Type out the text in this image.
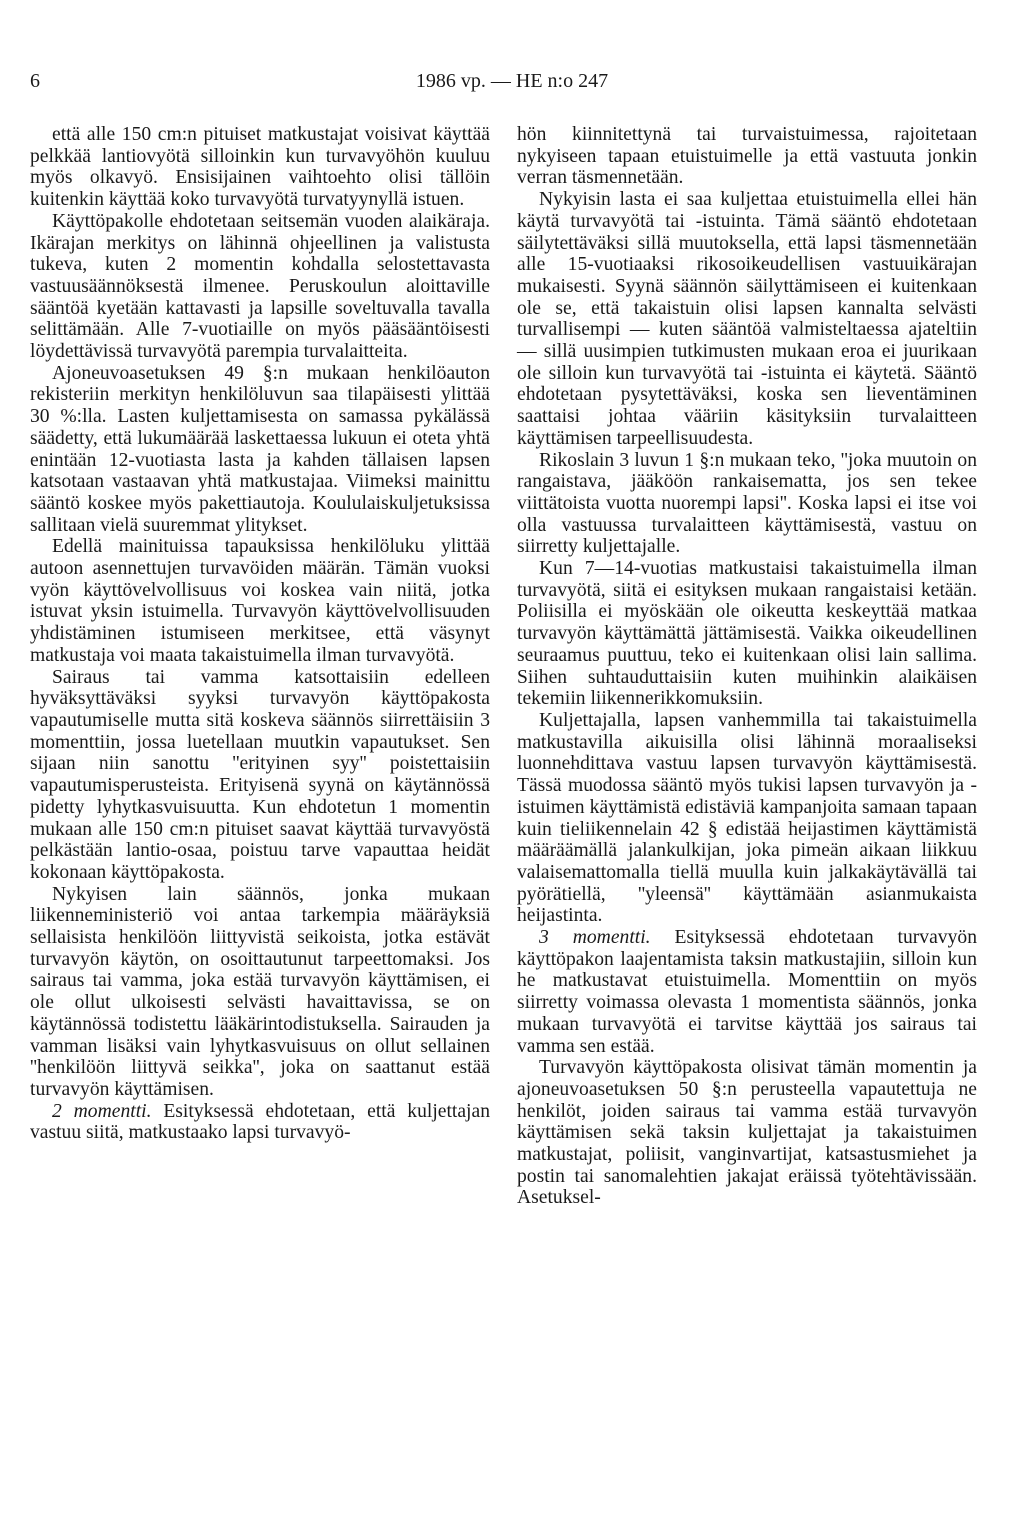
6	1986 vp. — HE n:o 247

että alle 150 cm:n pituiset matkustajat voisivat käyttää pelkkää lantiovyötä silloinkin kun turvavyöhön kuuluu myös olkavyö. Ensisijainen vaihtoehto olisi tällöin kuitenkin käyttää koko turvavyötä turvatyynyllä istuen.

Käyttöpakolle ehdotetaan seitsemän vuoden alaikäraja. Ikärajan merkitys on lähinnä ohjeellinen ja valistusta tukeva, kuten 2 momentin kohdalla selostettavasta vastuusäännöksestä ilmenee. Peruskoulun aloittaville sääntöä kyetään kattavasti ja lapsille soveltuvalla tavalla selittämään. Alle 7-vuotiaille on myös pääsääntöisesti löydettävissä turvavyötä parempia turvalaitteita.

Ajoneuvoasetuksen 49 §:n mukaan henkilöauton rekisteriin merkityn henkilöluvun saa tilapäisesti ylittää 30 %:lla. Lasten kuljettamisesta on samassa pykälässä säädetty, että lukumäärää laskettaessa lukuun ei oteta yhtä enintään 12-vuotiasta lasta ja kahden tällaisen lapsen katsotaan vastaavan yhtä matkustajaa. Viimeksi mainittu sääntö koskee myös pakettiautoja. Koululaiskuljetuksissa sallitaan vielä suuremmat ylitykset.

Edellä mainituissa tapauksissa henkilöluku ylittää autoon asennettujen turvavöiden määrän. Tämän vuoksi vyön käyttövelvollisuus voi koskea vain niitä, jotka istuvat yksin istuimella. Turvavyön käyttövelvollisuuden yhdistäminen istumiseen merkitsee, että väsynyt matkustaja voi maata takaistuimella ilman turvavyötä.

Sairaus tai vamma katsottaisiin edelleen hyväksyttäväksi syyksi turvavyön käyttöpakosta vapautumiselle mutta sitä koskeva säännös siirrettäisiin 3 momenttiin, jossa luetellaan muutkin vapautukset. Sen sijaan niin sanottu ''erityinen syy'' poistettaisiin vapautumisperusteista. Erityisenä syynä on käytännössä pidetty lyhytkasvuisuutta. Kun ehdotetun 1 momentin mukaan alle 150 cm:n pituiset saavat käyttää turvavyöstä pelkästään lantio-osaa, poistuu tarve vapauttaa heidät kokonaan käyttöpakosta.

Nykyisen lain säännös, jonka mukaan liikenneministeriö voi antaa tarkempia määräyksiä sellaisista henkilöön liittyvistä seikoista, jotka estävät turvavyön käytön, on osoittautunut tarpeettomaksi. Jos sairaus tai vamma, joka estää turvavyön käyttämisen, ei ole ollut ulkoisesti selvästi havaittavissa, se on käytännössä todistettu lääkärintodistuksella. Sairauden ja vamman lisäksi vain lyhytkasvuisuus on ollut sellainen ''henkilöön liittyvä seikka'', joka on saattanut estää turvavyön käyttämisen.

2 momentti. Esityksessä ehdotetaan, että kuljettajan vastuu siitä, matkustaako lapsi turvavyö-

hön kiinnitettynä tai turvaistuimessa, rajoitetaan nykyiseen tapaan etuistuimelle ja että vastuuta jonkin verran täsmennetään.

Nykyisin lasta ei saa kuljettaa etuistuimella ellei hän käytä turvavyötä tai -istuinta. Tämä sääntö ehdotetaan säilytettäväksi sillä muutoksella, että lapsi täsmennetään alle 15-vuotiaaksi rikosoikeudellisen vastuuikärajan mukaisesti. Syynä säännön säilyttämiseen ei kuitenkaan ole se, että takaistuin olisi lapsen kannalta selvästi turvallisempi — kuten sääntöä valmisteltaessa ajateltiin — sillä uusimpien tutkimusten mukaan eroa ei juurikaan ole silloin kun turvavyötä tai -istuinta ei käytetä. Sääntö ehdotetaan pysytettäväksi, koska sen lieventäminen saattaisi johtaa vääriin käsityksiin turvalaitteen käyttämisen tarpeellisuudesta.

Rikoslain 3 luvun 1 §:n mukaan teko, ''joka muutoin on rangaistava, jääköön rankaisematta, jos sen tekee viittätoista vuotta nuorempi lapsi''. Koska lapsi ei itse voi olla vastuussa turvalaitteen käyttämisestä, vastuu on siirretty kuljettajalle.

Kun 7—14-vuotias matkustaisi takaistuimella ilman turvavyötä, siitä ei esityksen mukaan rangaistaisi ketään. Poliisilla ei myöskään ole oikeutta keskeyttää matkaa turvavyön käyttämättä jättämisestä. Vaikka oikeudellinen seuraamus puuttuu, teko ei kuitenkaan olisi lain sallima. Siihen suhtauduttaisiin kuten muihinkin alaikäisen tekemiin liikennerikkomuksiin.

Kuljettajalla, lapsen vanhemmilla tai takaistuimella matkustavilla aikuisilla olisi lähinnä moraaliseksi luonnehdittava vastuu lapsen turvavyön käyttämisestä. Tässä muodossa sääntö myös tukisi lapsen turvavyön ja -istuimen käyttämistä edistäviä kampanjoita samaan tapaan kuin tieliikennelain 42 § edistää heijastimen käyttämistä määräämällä jalankulkijan, joka pimeän aikaan liikkuu valaisemattomalla tiellä muulla kuin jalkakäytävällä tai pyörätiellä, ''yleensä'' käyttämään asianmukaista heijastinta.

3 momentti. Esityksessä ehdotetaan turvavyön käyttöpakon laajentamista taksin matkustajiin, silloin kun he matkustavat etuistuimella. Momenttiin on myös siirretty voimassa olevasta 1 momentista säännös, jonka mukaan turvavyötä ei tarvitse käyttää jos sairaus tai vamma sen estää.

Turvavyön käyttöpakosta olisivat tämän momentin ja ajoneuvoasetuksen 50 §:n perusteella vapautettuja ne henkilöt, joiden sairaus tai vamma estää turvavyön käyttämisen sekä taksin kuljettajat ja takaistuimen matkustajat, poliisit, vanginvartijat, katsastusmiehet ja postin tai sanomalehtien jakajat eräissä työtehtävissään. Asetuksel-
